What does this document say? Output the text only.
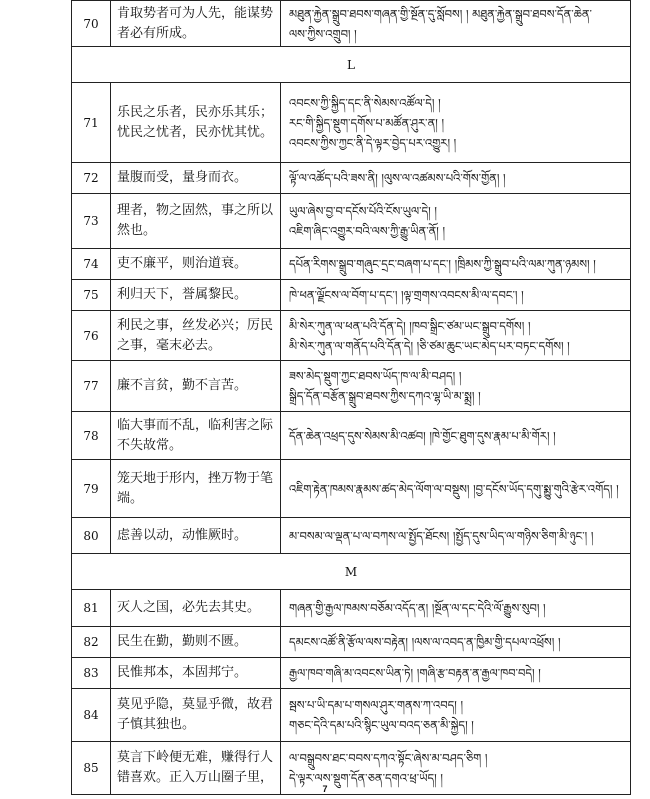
70
肯取势者可为人先，能谋势者必有所成。
མཐུན་རྐྱེན་སྒྲུབ་ཐབས་གཞན་གྱི་སྔོན་དུ་སློབས། ། མཐུན་རྐྱེན་སྒྲུབ་ཐབས་དོན་ཆེན་
ལས་ཀྱིས་འགྲུབ། །
L
71
乐民之乐者，民亦乐其乐；忧民之忧者，民亦忧其忧。
འབངས་ཀྱི་སྐྱིད་དང་ནི་སེམས་འཚོལ་དེ། །
རང་གི་སྐྱིད་སྡུག་དགོས་པ་མཚོན་ཤུར་ན། །
འབངས་ཀྱིས་ཀྱང་ནི་དེ་ལྟར་བྱེད་པར་འགྱུར། །
72	量腹而受，量身而衣。	ལྟོ་ལ་འཚོད་པའི་ཟས་ནི། །ལུས་ལ་འཚམས་པའི་གོས་གྱོན། །
73
理者，物之固然，事之所以然也。
ཡུལ་ཞེས་བྱ་བ་དངོས་པོའི་ངོས་ཡུལ་དེ། །
འཇིག་ཞིང་འགྱུར་བའི་ལས་ཀྱི་རྒྱུ་ཡིན་ནོ། །
74	吏不廉平，则治道衰。	དཔོན་རིགས་སྒྲུབ་གཞུང་དྲང་བཞག་པ་དང་། །ཁྲིམས་ཀྱི་སྒྲུབ་པའི་ལམ་ཀུན་ཉམས། །
75	利归天下，誉属黎民。	ཁེ་ཕན་ལྗོངས་ལ་བོག་པ་དང་། །ལྟ་གྲགས་འབངས་མི་ལ་དབང་། །
76
利民之事，丝发必兴；厉民之事，毫末必去。
མི་སེར་ཀུན་ལ་ཕན་པའི་དོན་དེ། །ཁབ་སྒྲིང་ཙམ་ཡང་སྒྲུབ་དགོས། །
མི་སེར་ཀུན་ལ་གནོད་པའི་དོན་དེ། །ཅི་ཙམ་ཆུང་ཡང་མེད་པར་བཏང་དགོས། །
77	廉不言贫，勤不言苦。
ཟས་མེད་སྡུག་ཀྱང་ཐབས་ཡོད་ཁ་ལ་མི་བཤད། །
སྒྲིད་དོན་བརྩོན་སྒྲུབ་ཐབས་ཀྱིས་དཀའ་ལྷ་ཡི་མ་སྨྲ། །
78
临大事而不乱，临利害之际不失故常。
དོན་ཆེན་འཕྲད་དུས་སེམས་མི་འཚབ། །ཁེ་གྱོང་ཐུག་དུས་རྣམ་པ་མི་གོར། །
79
笼天地于形内，挫万物于笔端。
འཇིག་རྟེན་ཁམས་རྣམས་ཚད་མེད་ལོག་ལ་བསྡུས། །བྱ་དངོས་ཡོད་དགུ་སྨྱུ་གུའི་རྩེར་འགོད། །
80	虑善以动，动惟厥时。	མ་བསམ་ལ་ལྡན་པ་ལ་བཀས་ལ་སྤྱོད་ཐོངས། །སྤྱོད་དུས་ཡིད་ལ་གཉིས་ཅིག་མི་ཉུང་། །
M
81	灭人之国，必先去其史。	གཞན་གྱི་རྒྱལ་ཁམས་བཅོམ་འདོད་ན། །སྔོན་ལ་དང་དེའི་ལོ་རྒྱུས་སུབ། །
82	民生在勤，勤则不匮。	དམངས་འཚོ་ནི་རྩོལ་ལས་བརྟེན། །ལས་ལ་འབད་ན་ཁྱིམ་གྱི་དཔལ་འཕྲོས། །
83	民惟邦本，本固邦宁。	རྒྱལ་ཁབ་གཞི་མ་འབངས་ཡིན་ཏེ། །གཞི་རྩ་བརྟན་ན་རྒྱལ་ཁབ་བདེ། །
84
莫见乎隐，莫显乎微，故君子慎其独也。
སྦས་པ་ཡི་དམ་པ་གསལ་ཤུར་གནས་ཀ་འབད། །
གཅང་དེའི་དམ་པའི་སྙིང་ཡུལ་བའད་ཅན་མི་སྐྱེད། །
85
莫言下岭便无难，赚得行人错喜欢。正入万山圈子里，
ལ་བསྒྲུབས་ཐང་བབས་དཀའ་སྟོང་ཞེས་མ་བཤད་ཅིག །
དེ་ལྟར་ལས་སྡུག་དོན་ཅན་དགའ་ཕྲ་ཡོད། །
7
